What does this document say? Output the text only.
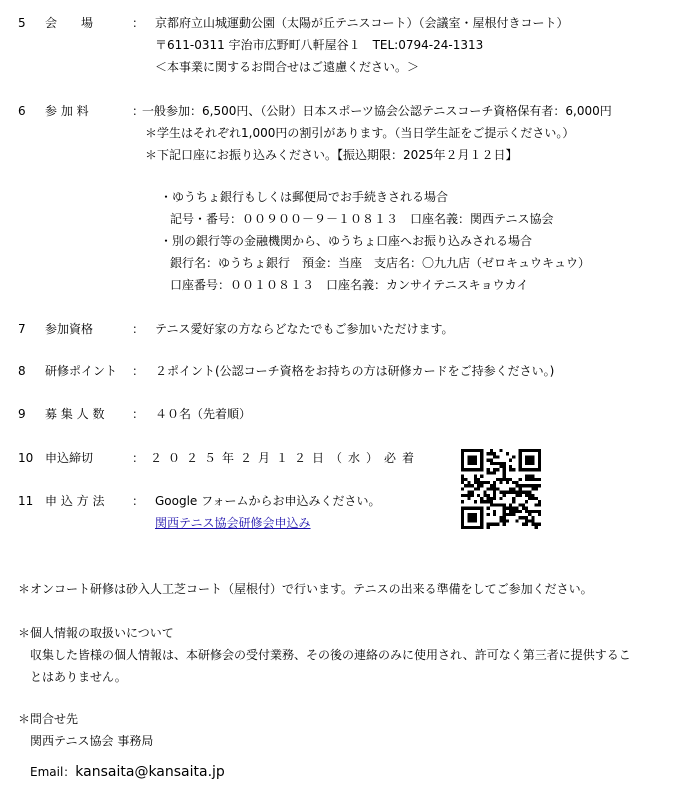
5 会　　場	： 京都府立山城運動公園（太陽が丘テニスコート）（会議室・屋根付きコート）
〒611-0311 宇治市広野町八軒屋谷１　TEL:0794-24-1313
＜本事業に関するお問合せはご遠慮ください。＞
6 参 加 料	：
一般参加：6,500円、（公財）日本スポーツ協会公認テニスコーチ資格保有者：6,000円
＊学生はそれぞれ1,000円の割引があります。（当日学生証をご提示ください。）
＊下記口座にお振り込みください。【振込期限：2025年２月１２日】
・ゆうちょ銀行もしくは郵便局でお手続きされる場合
記号・番号：００９００－９－１０８１３　口座名義：関西テニス協会
・別の銀行等の金融機関から、ゆうちょ口座へお振り込みされる場合
銀行名：ゆうちょ銀行　預金：当座　支店名：〇九九店（ゼロキュウキュウ）
口座番号：００１０８１３　口座名義：カンサイテニスキョウカイ
7 参加資格	： テニス愛好家の方ならどなたでもご参加いただけます。
8 研修ポイント ： ２ポイント(公認コーチ資格をお持ちの方は研修カードをご持参ください。)
9 募 集 人 数 ： ４０名（先着順）
10 申込締切	： ２０２５年２月１２日（水）必着
11 申 込 方 法 ： Google フォームからお申込みください。
関西テニス協会研修会申込み
＊オンコート研修は砂入人工芝コート（屋根付）で行います。テニスの出来る準備をしてご参加ください。
＊個人情報の取扱いについて
収集した皆様の個人情報は、本研修会の受付業務、その後の連絡のみに使用され、許可なく第三者に提供するこ
とはありません。
＊問合せ先
関西テニス協会 事務局
Email：kansaita@kansaita.jp
